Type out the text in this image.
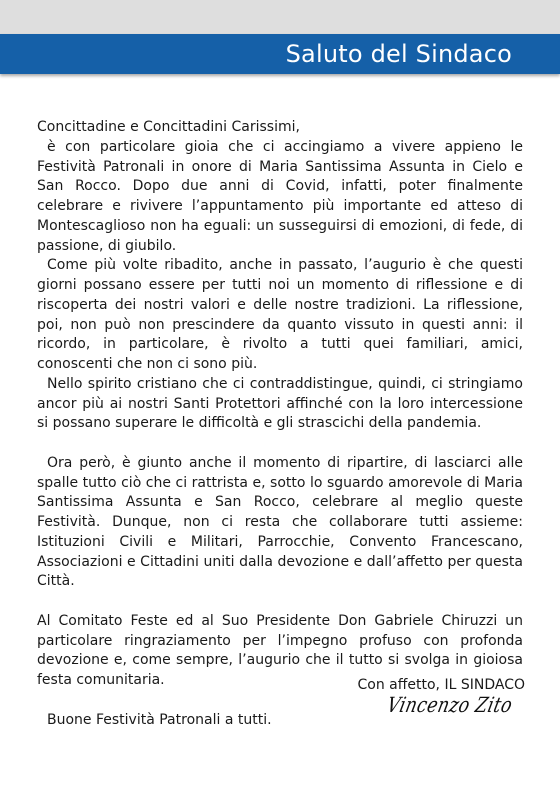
Saluto del Sindaco

Concittadine e Concittadini Carissimi,

è con particolare gioia che ci accingiamo a vivere appieno le Festività Patronali in onore di Maria Santissima Assunta in Cielo e San Rocco. Dopo due anni di Covid, infatti, poter finalmente celebrare e rivivere l’appuntamento più importante ed atteso di Montescaglioso non ha eguali: un susseguirsi di emozioni, di fede, di passione, di giubilo.

Come più volte ribadito, anche in passato, l’augurio è che questi giorni possano essere per tutti noi un momento di riflessione e di riscoperta dei nostri valori e delle nostre tradizioni. La riflessione, poi, non può non prescindere da quanto vissuto in questi anni: il ricordo, in particolare, è rivolto a tutti quei familiari, amici, conoscenti che non ci sono più.

Nello spirito cristiano che ci contraddistingue, quindi, ci stringiamo ancor più ai nostri Santi Protettori affinché con la loro intercessione si possano superare le difficoltà e gli strascichi della pandemia.

Ora però, è giunto anche il momento di ripartire, di lasciarci alle spalle tutto ciò che ci rattrista e, sotto lo sguardo amorevole di Maria Santissima Assunta e San Rocco, celebrare al meglio queste Festività. Dunque, non ci resta che collaborare tutti assieme: Istituzioni Civili e Militari, Parrocchie, Convento Francescano, Associazioni e Cittadini uniti dalla devozione e dall’affetto per questa Città.

Al Comitato Feste ed al Suo Presidente Don Gabriele Chiruzzi un particolare ringraziamento per l’impegno profuso con profonda devozione e, come sempre, l’augurio che il tutto si svolga in gioiosa festa comunitaria.

Buone Festività Patronali a tutti.

Con affetto, IL SINDACO
Vincenzo Zito
